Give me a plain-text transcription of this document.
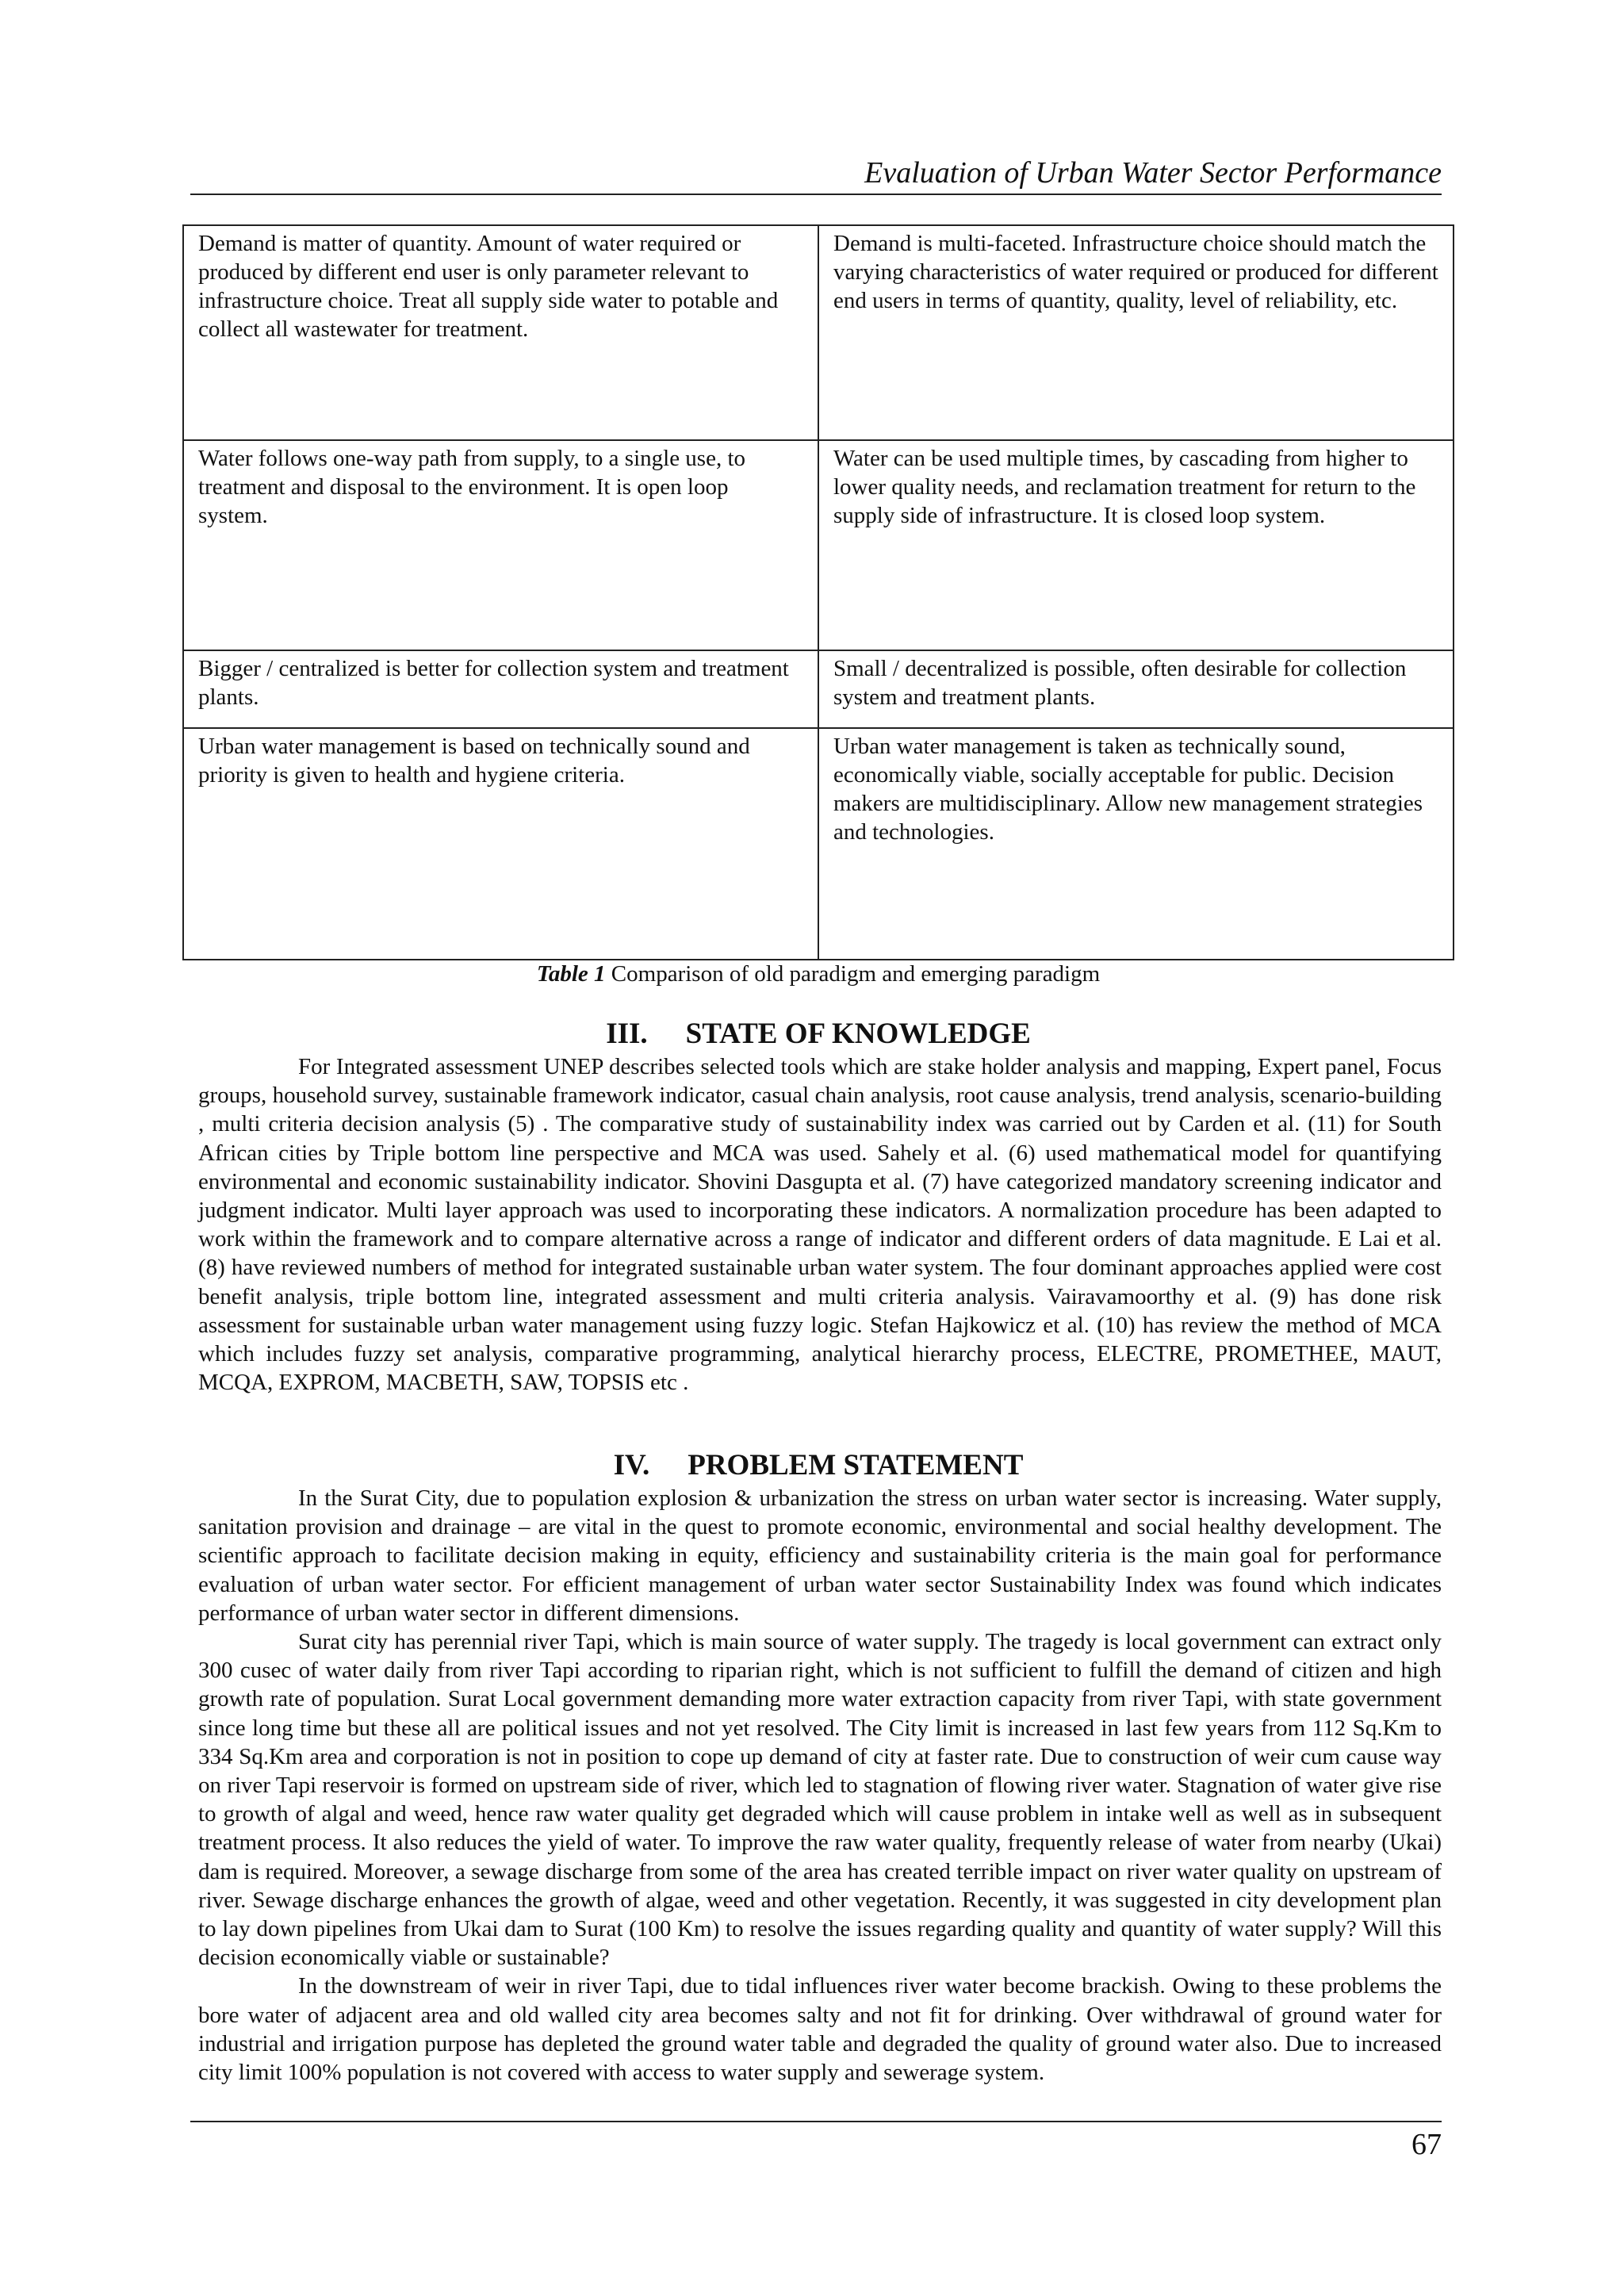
Evaluation of Urban Water Sector Performance
Demand is matter of quantity. Amount of water required or produced by different end user is only parameter relevant to infrastructure choice. Treat all supply side water to potable and collect all wastewater for treatment.	Demand is multi-faceted. Infrastructure choice should match the varying characteristics of water required or produced for different end users in terms of quantity, quality, level of reliability, etc.
Water follows one-way path from supply, to a single use, to treatment and disposal to the environment. It is open loop system.	Water can be used multiple times, by cascading from higher to lower quality needs, and reclamation treatment for return to the supply side of infrastructure. It is closed loop system.
Bigger / centralized is better for collection system and treatment plants.	Small / decentralized is possible, often desirable for collection system and treatment plants.
Urban water management is based on technically sound and priority is given to health and hygiene criteria.	Urban water management is taken as technically sound, economically viable, socially acceptable for public. Decision makers are multidisciplinary. Allow new management strategies and technologies.
Table 1 Comparison of old paradigm and emerging paradigm
III. STATE OF KNOWLEDGE

For Integrated assessment UNEP describes selected tools which are stake holder analysis and mapping, Expert panel, Focus groups, household survey, sustainable framework indicator, casual chain analysis, root cause analysis, trend analysis, scenario-building , multi criteria decision analysis (5) . The comparative study of sustainability index was carried out by Carden et al. (11) for South African cities by Triple bottom line perspective and MCA was used. Sahely et al. (6) used mathematical model for quantifying environmental and economic sustainability indicator. Shovini Dasgupta et al. (7) have categorized mandatory screening indicator and judgment indicator. Multi layer approach was used to incorporating these indicators. A normalization procedure has been adapted to work within the framework and to compare alternative across a range of indicator and different orders of data magnitude. E Lai et al. (8) have reviewed numbers of method for integrated sustainable urban water system. The four dominant approaches applied were cost benefit analysis, triple bottom line, integrated assessment and multi criteria analysis. Vairavamoorthy et al. (9) has done risk assessment for sustainable urban water management using fuzzy logic. Stefan Hajkowicz et al. (10) has review the method of MCA which includes fuzzy set analysis, comparative programming, analytical hierarchy process, ELECTRE, PROMETHEE, MAUT, MCQA, EXPROM, MACBETH, SAW, TOPSIS etc .

IV. PROBLEM STATEMENT

In the Surat City, due to population explosion & urbanization the stress on urban water sector is increasing. Water supply, sanitation provision and drainage – are vital in the quest to promote economic, environmental and social healthy development. The scientific approach to facilitate decision making in equity, efficiency and sustainability criteria is the main goal for performance evaluation of urban water sector. For efficient management of urban water sector Sustainability Index was found which indicates performance of urban water sector in different dimensions.

Surat city has perennial river Tapi, which is main source of water supply. The tragedy is local government can extract only 300 cusec of water daily from river Tapi according to riparian right, which is not sufficient to fulfill the demand of citizen and high growth rate of population. Surat Local government demanding more water extraction capacity from river Tapi, with state government since long time but these all are political issues and not yet resolved. The City limit is increased in last few years from 112 Sq.Km to 334 Sq.Km area and corporation is not in position to cope up demand of city at faster rate. Due to construction of weir cum cause way on river Tapi reservoir is formed on upstream side of river, which led to stagnation of flowing river water. Stagnation of water give rise to growth of algal and weed, hence raw water quality get degraded which will cause problem in intake well as well as in subsequent treatment process. It also reduces the yield of water. To improve the raw water quality, frequently release of water from nearby (Ukai) dam is required. Moreover, a sewage discharge from some of the area has created terrible impact on river water quality on upstream of river. Sewage discharge enhances the growth of algae, weed and other vegetation. Recently, it was suggested in city development plan to lay down pipelines from Ukai dam to Surat (100 Km) to resolve the issues regarding quality and quantity of water supply? Will this decision economically viable or sustainable?

In the downstream of weir in river Tapi, due to tidal influences river water become brackish. Owing to these problems the bore water of adjacent area and old walled city area becomes salty and not fit for drinking. Over withdrawal of ground water for industrial and irrigation purpose has depleted the ground water table and degraded the quality of ground water also. Due to increased city limit 100% population is not covered with access to water supply and sewerage system.

67
